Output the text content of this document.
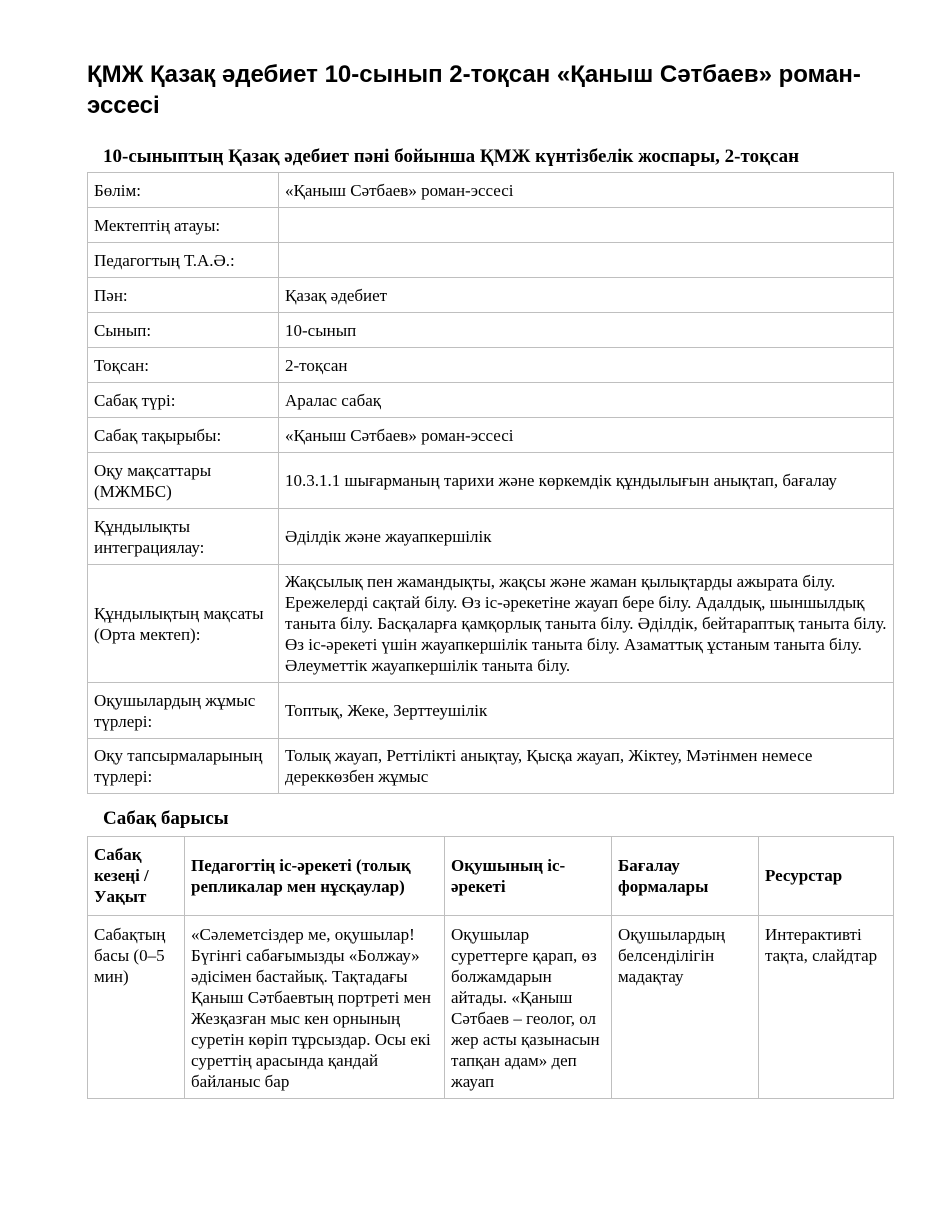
ҚМЖ Қазақ әдебиет 10-сынып 2-тоқсан «Қаныш Сәтбаев» роман-эссесі
10-сыныптың Қазақ әдебиет пәні бойынша ҚМЖ күнтізбелік жоспары, 2-тоқсан
Бөлім:	«Қаныш Сәтбаев» роман-эссесі
Мектептің атауы:	
Педагогтың Т.А.Ә.:	
Пән:	Қазақ әдебиет
Сынып:	10-сынып
Тоқсан:	2-тоқсан
Сабақ түрі:	Аралас сабақ
Сабақ тақырыбы:	«Қаныш Сәтбаев» роман-эссесі
Оқу мақсаттары (МЖМБС)	10.3.1.1 шығарманың тарихи және көркемдік құндылығын анықтап, бағалау
Құндылықты интеграциялау:	Әділдік және жауапкершілік
Құндылықтың мақсаты (Орта мектеп):	Жақсылық пен жамандықты, жақсы және жаман қылықтарды ажырата білу. Ережелерді сақтай білу. Өз іс-әрекетіне жауап бере білу. Адалдық, шыншылдық таныта білу. Басқаларға қамқорлық таныта білу. Әділдік, бейтараптық таныта білу. Өз іс-әрекеті үшін жауапкершілік таныта білу. Азаматтық ұстаным таныта білу. Әлеуметтік жауапкершілік таныта білу.
Оқушылардың жұмыс түрлері:	Топтық, Жеке, Зерттеушілік
Оқу тапсырмаларының түрлері:	Толық жауап, Реттілікті анықтау, Қысқа жауап, Жіктеу, Мәтінмен немесе дереккөзбен жұмыс
Сабақ барысы
Сабақ кезеңі / Уақыт	Педагогтің іс-әрекеті (толық репликалар мен нұсқаулар)	Оқушының іс-әрекеті	Бағалау формалары	Ресурстар
Сабақтың басы (0–5 мин)	«Сәлеметсіздер ме, оқушылар! Бүгінгі сабағымызды «Болжау» әдісімен бастайық. Тақтадағы Қаныш Сәтбаевтың портреті мен Жезқазған мыс кен орнының суретін көріп тұрсыздар. Осы екі суреттің арасында қандай байланыс бар	Оқушылар суреттерге қарап, өз болжамдарын айтады. «Қаныш Сәтбаев – геолог, ол жер асты қазынасын тапқан адам» деп жауап	Оқушылардың белсенділігін мадақтау	Интерактивті тақта, слайдтар
